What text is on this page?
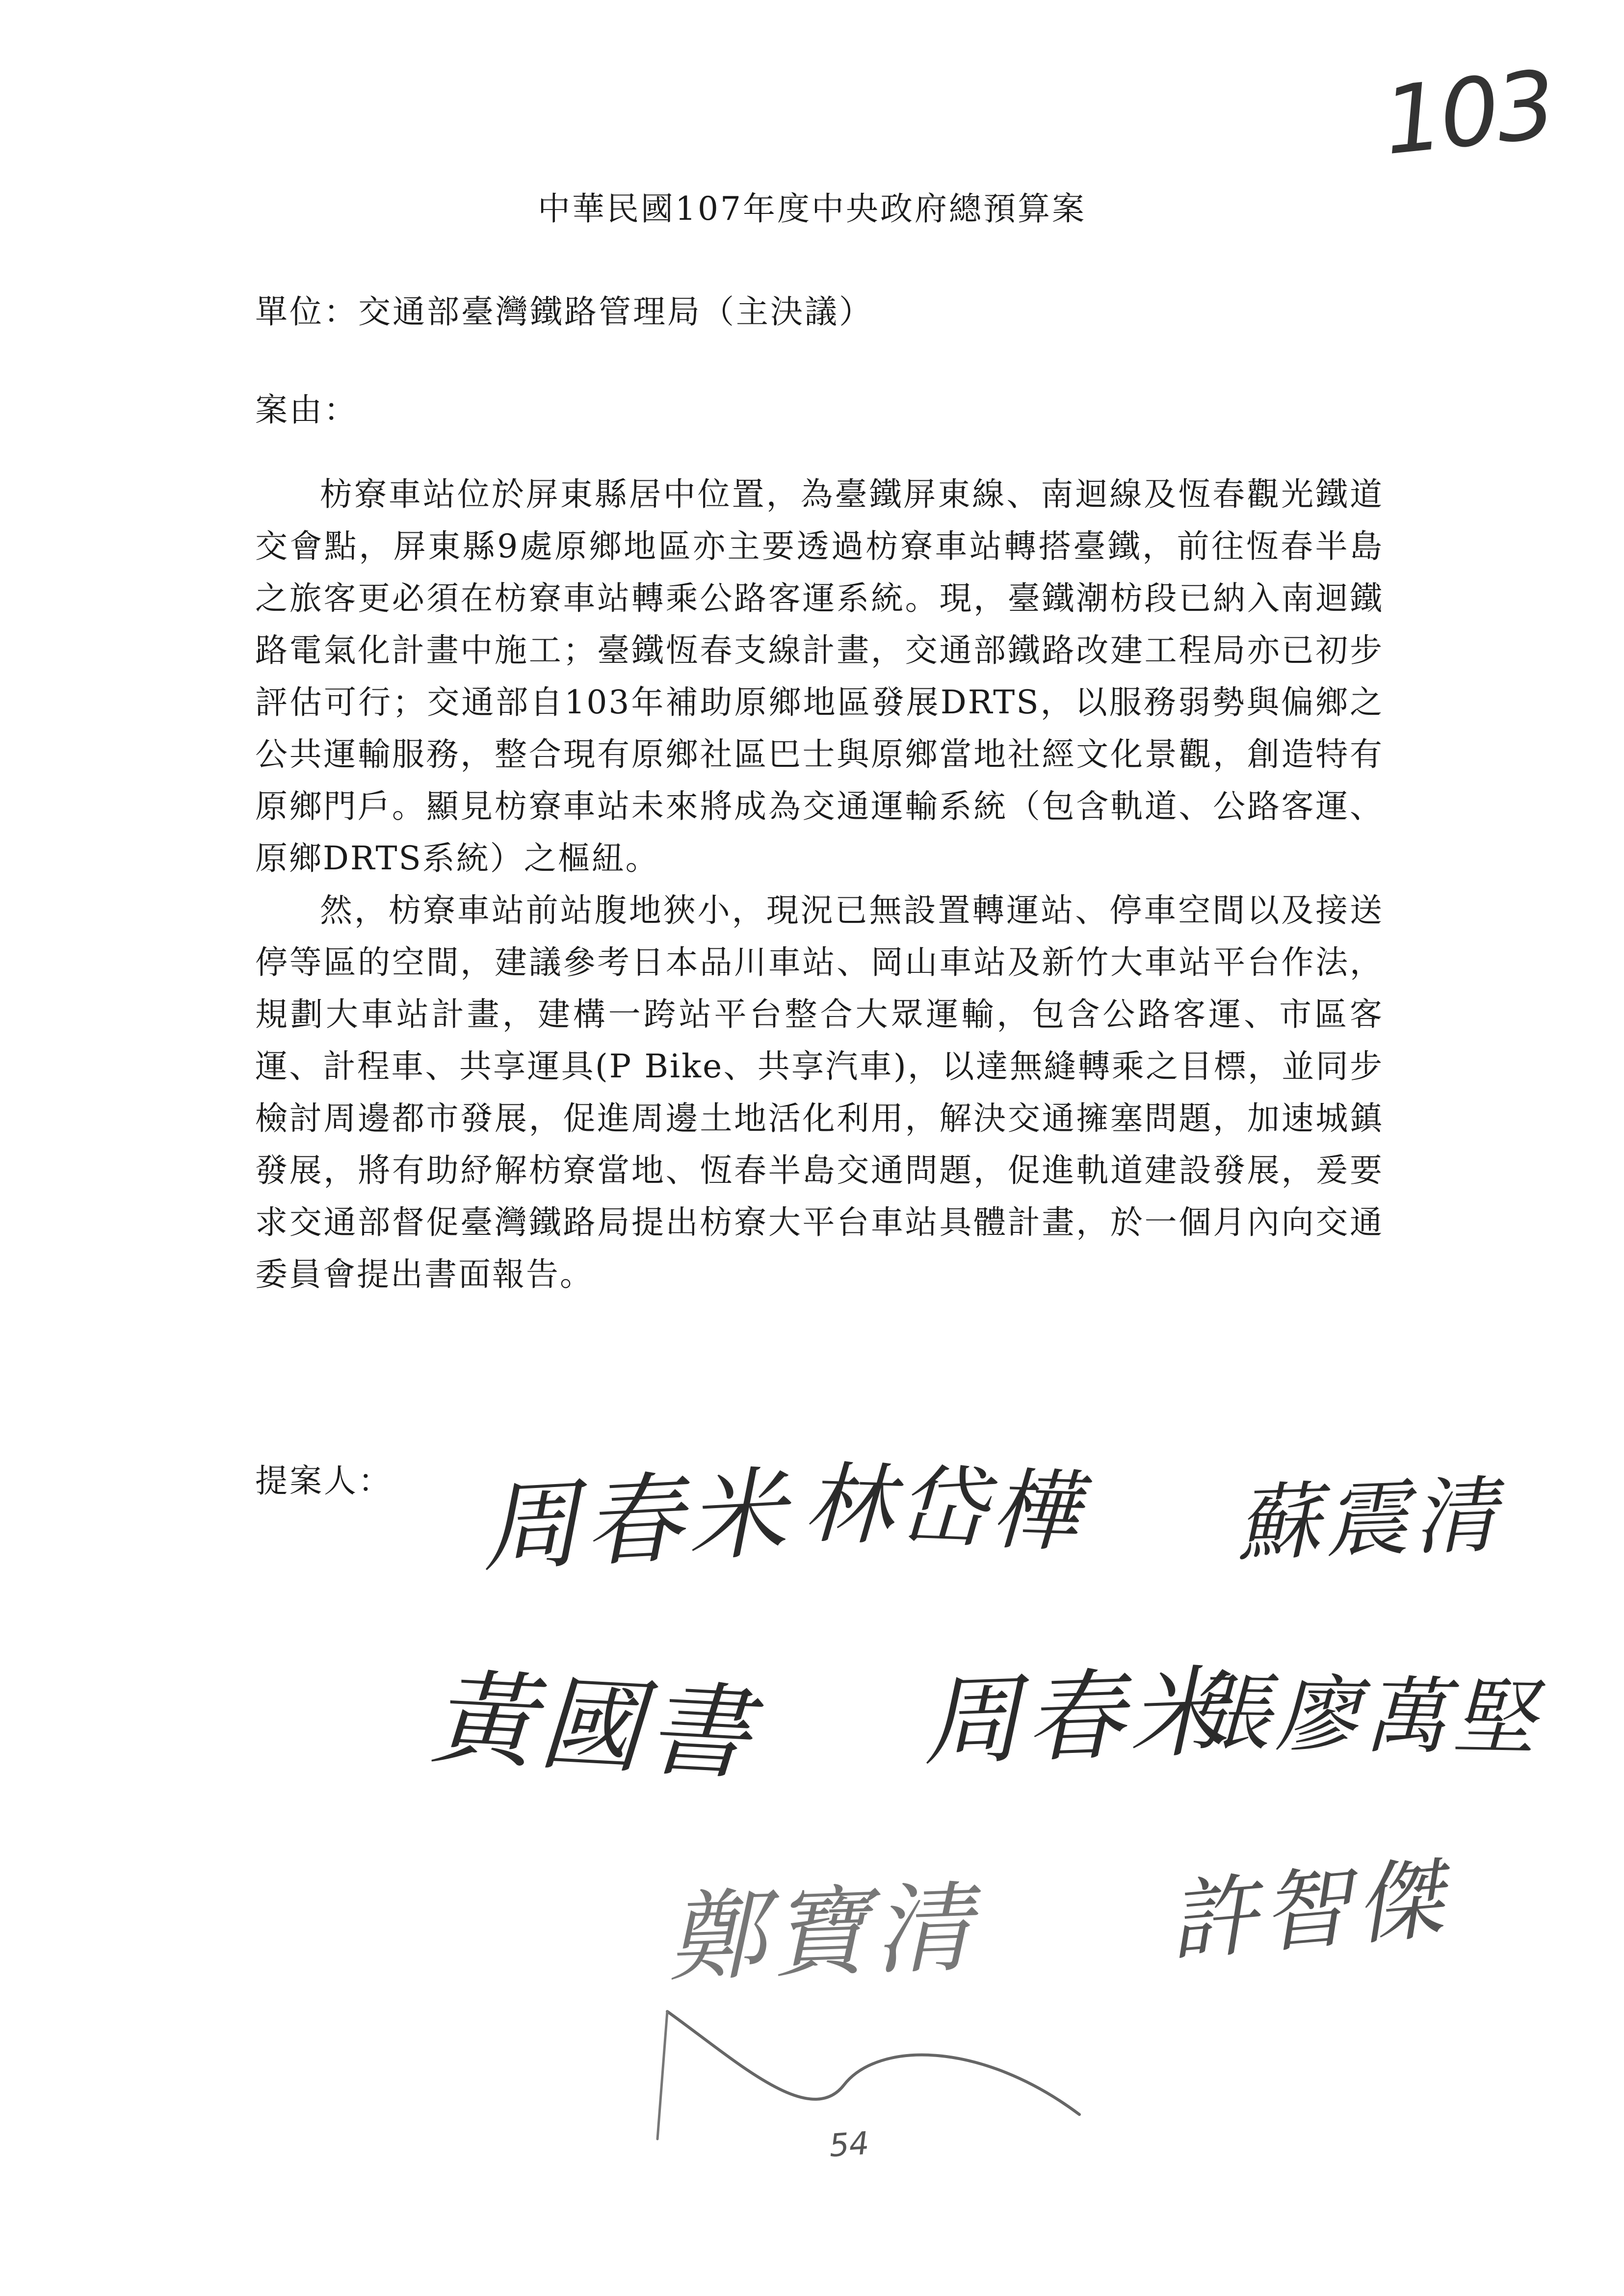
103
中華民國107年度中央政府總預算案
單位：交通部臺灣鐵路管理局（主決議）
案由：

枋寮車站位於屏東縣居中位置，為臺鐵屏東線、南迴線及恆春觀光鐵道交會點，屏東縣9處原鄉地區亦主要透過枋寮車站轉搭臺鐵，前往恆春半島之旅客更必須在枋寮車站轉乘公路客運系統。現，臺鐵潮枋段已納入南迴鐵路電氣化計畫中施工；臺鐵恆春支線計畫，交通部鐵路改建工程局亦已初步評估可行；交通部自103年補助原鄉地區發展DRTS，以服務弱勢與偏鄉之公共運輸服務，整合現有原鄉社區巴士與原鄉當地社經文化景觀，創造特有原鄉門戶。顯見枋寮車站未來將成為交通運輸系統（包含軌道、公路客運、原鄉DRTS系統）之樞紐。

然，枋寮車站前站腹地狹小，現況已無設置轉運站、停車空間以及接送停等區的空間，建議參考日本品川車站、岡山車站及新竹大車站平台作法，規劃大車站計畫，建構一跨站平台整合大眾運輸，包含公路客運、市區客運、計程車、共享運具(P Bike、共享汽車)，以達無縫轉乘之目標，並同步檢討周邊都市發展，促進周邊土地活化利用，解決交通擁塞問題，加速城鎮發展，將有助紓解枋寮當地、恆春半島交通問題，促進軌道建設發展，爰要求交通部督促臺灣鐵路局提出枋寮大平台車站具體計畫，於一個月內向交通委員會提出書面報告。

提案人： 周春米 林岱樺 蘇震清
黃國書 周春米
張廖萬堅
鄭寶清 許智傑
54
